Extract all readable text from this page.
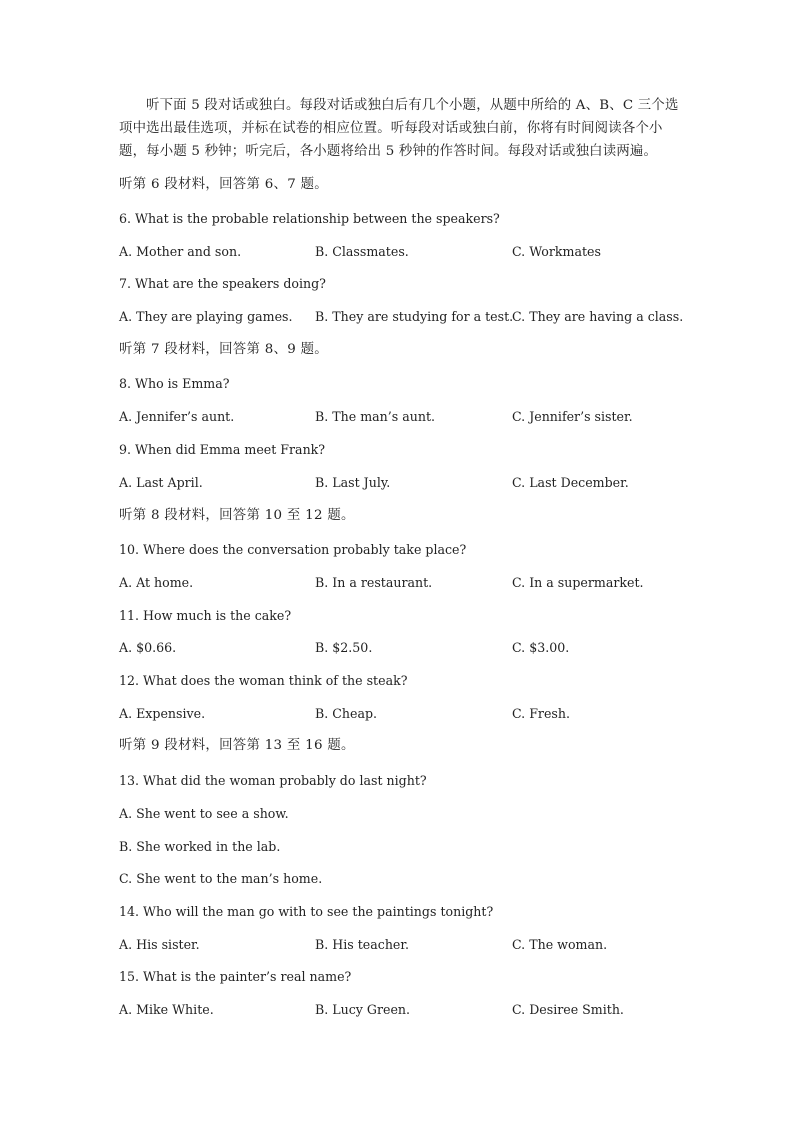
听下面 5 段对话或独白。每段对话或独白后有几个小题，从题中所给的 A、B、C 三个选项中选出最佳选项，并标在试卷的相应位置。听每段对话或独白前，你将有时间阅读各个小题，每小题 5 秒钟；听完后，各小题将给出 5 秒钟的作答时间。每段对话或独白读两遍。

听第 6 段材料，回答第 6、7 题。
6. What is the probable relationship between the speakers?
A. Mother and son.	B. Classmates.	C. Workmates
7. What are the speakers doing?
A. They are playing games. B. They are studying for a test.
C. They are having a class.
听第 7 段材料，回答第 8、9 题。
8. Who is Emma?
A. Jennifer’s aunt.	B. The man’s aunt.	C. Jennifer’s sister.
9. When did Emma meet Frank?
A. Last April.	B. Last July.	C. Last December.
听第 8 段材料，回答第 10 至 12 题。
10. Where does the conversation probably take place?
A. At home.	B. In a restaurant.	C. In a supermarket.
11. How much is the cake?
A. $0.66.	B. $2.50.	C. $3.00.
12. What does the woman think of the steak?
A. Expensive.	B. Cheap.	C. Fresh.
听第 9 段材料，回答第 13 至 16 题。
13. What did the woman probably do last night?
A. She went to see a show.
B. She worked in the lab.
C. She went to the man’s home.
14. Who will the man go with to see the paintings tonight?
A. His sister.	B. His teacher.	C. The woman.
15. What is the painter’s real name?
A. Mike White.	B. Lucy Green.	C. Desiree Smith.
